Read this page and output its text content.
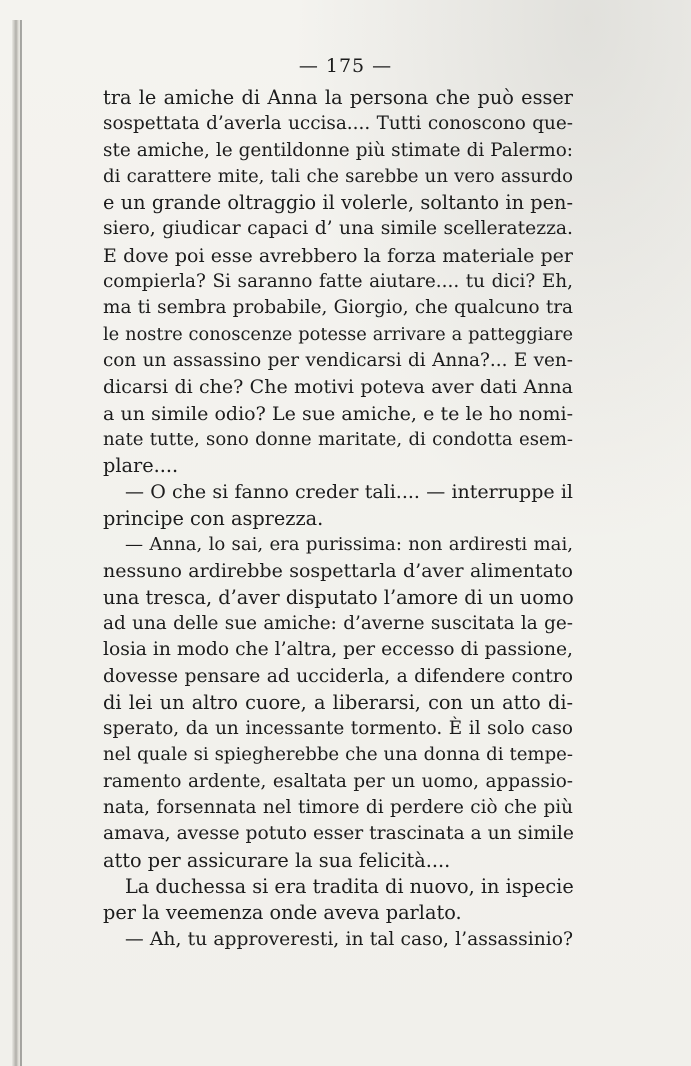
— 175 —

tra le amiche di Anna la persona che può esser
sospettata d’averla uccisa.... Tutti conoscono que-
ste amiche, le gentildonne più stimate di Palermo:
di carattere mite, tali che sarebbe un vero assurdo
e un grande oltraggio il volerle, soltanto in pen-
siero, giudicar capaci d’ una simile scelleratezza.
E dove poi esse avrebbero la forza materiale per
compierla? Si saranno fatte aiutare.... tu dici? Eh,
ma ti sembra probabile, Giorgio, che qualcuno tra
le nostre conoscenze potesse arrivare a patteggiare
con un assassino per vendicarsi di Anna?... E ven-
dicarsi di che? Che motivi poteva aver dati Anna
a un simile odio? Le sue amiche, e te le ho nomi-
nate tutte, sono donne maritate, di condotta esem-
plare....
— O che si fanno creder tali.... — interruppe il
principe con asprezza.
— Anna, lo sai, era purissima: non ardiresti mai,
nessuno ardirebbe sospettarla d’aver alimentato
una tresca, d’aver disputato l’amore di un uomo
ad una delle sue amiche: d’averne suscitata la ge-
losia in modo che l’altra, per eccesso di passione,
dovesse pensare ad ucciderla, a difendere contro
di lei un altro cuore, a liberarsi, con un atto di-
sperato, da un incessante tormento. È il solo caso
nel quale si spiegherebbe che una donna di tempe-
ramento ardente, esaltata per un uomo, appassio-
nata, forsennata nel timore di perdere ciò che più
amava, avesse potuto esser trascinata a un simile
atto per assicurare la sua felicità....
La duchessa si era tradita di nuovo, in ispecie
per la veemenza onde aveva parlato.
— Ah, tu approveresti, in tal caso, l’assassinio?
